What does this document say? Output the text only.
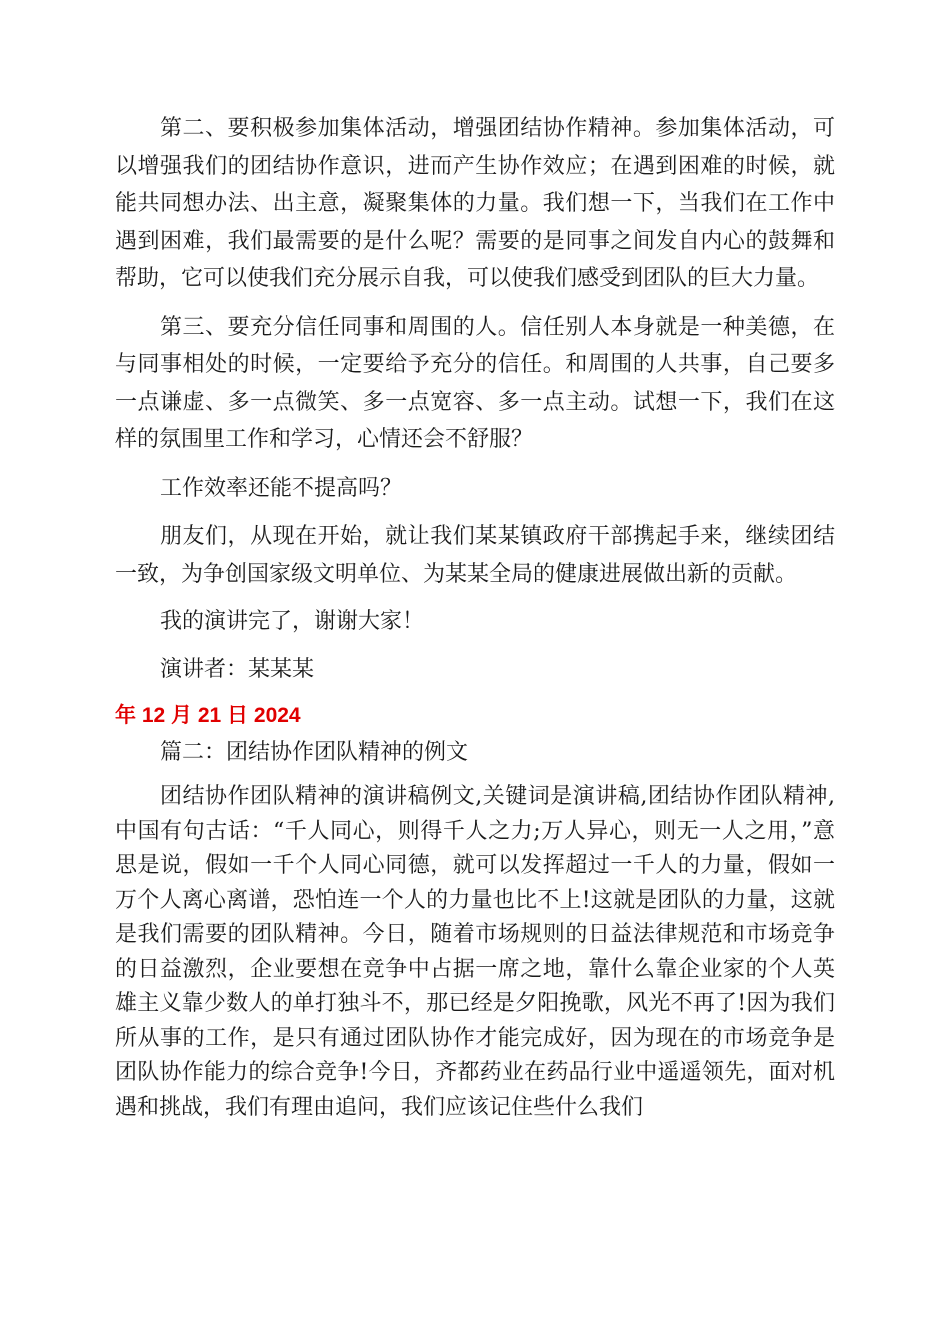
第二、要积极参加集体活动，增强团结协作精神。参加集体活动，可以增强我们的团结协作意识，进而产生协作效应；在遇到困难的时候，就能共同想办法、出主意，凝聚集体的力量。我们想一下，当我们在工作中遇到困难，我们最需要的是什么呢？需要的是同事之间发自内心的鼓舞和帮助，它可以使我们充分展示自我，可以使我们感受到团队的巨大力量。

第三、要充分信任同事和周围的人。信任别人本身就是一种美德，在与同事相处的时候，一定要给予充分的信任。和周围的人共事，自己要多一点谦虚、多一点微笑、多一点宽容、多一点主动。试想一下，我们在这样的氛围里工作和学习，心情还会不舒服？

工作效率还能不提高吗？

朋友们，从现在开始，就让我们某某镇政府干部携起手来，继续团结一致，为争创国家级文明单位、为某某全局的健康进展做出新的贡献。

我的演讲完了，谢谢大家！

演讲者：某某某

年 12 月 21 日 2024

篇二：团结协作团队精神的例文

团结协作团队精神的演讲稿例文,关键词是演讲稿,团结协作团队精神,中国有句古话：“千人同心，则得千人之力;万人异心，则无一人之用，”意思是说，假如一千个人同心同德，就可以发挥超过一千人的力量，假如一万个人离心离谱，恐怕连一个人的力量也比不上!这就是团队的力量，这就是我们需要的团队精神。今日，随着市场规则的日益法律规范和市场竞争的日益激烈，企业要想在竞争中占据一席之地，靠什么靠企业家的个人英雄主义靠少数人的单打独斗不，那已经是夕阳挽歌，风光不再了!因为我们所从事的工作，是只有通过团队协作才能完成好，因为现在的市场竞争是团队协作能力的综合竞争!今日，齐都药业在药品行业中遥遥领先，面对机遇和挑战，我们有理由追问，我们应该记住些什么我们
